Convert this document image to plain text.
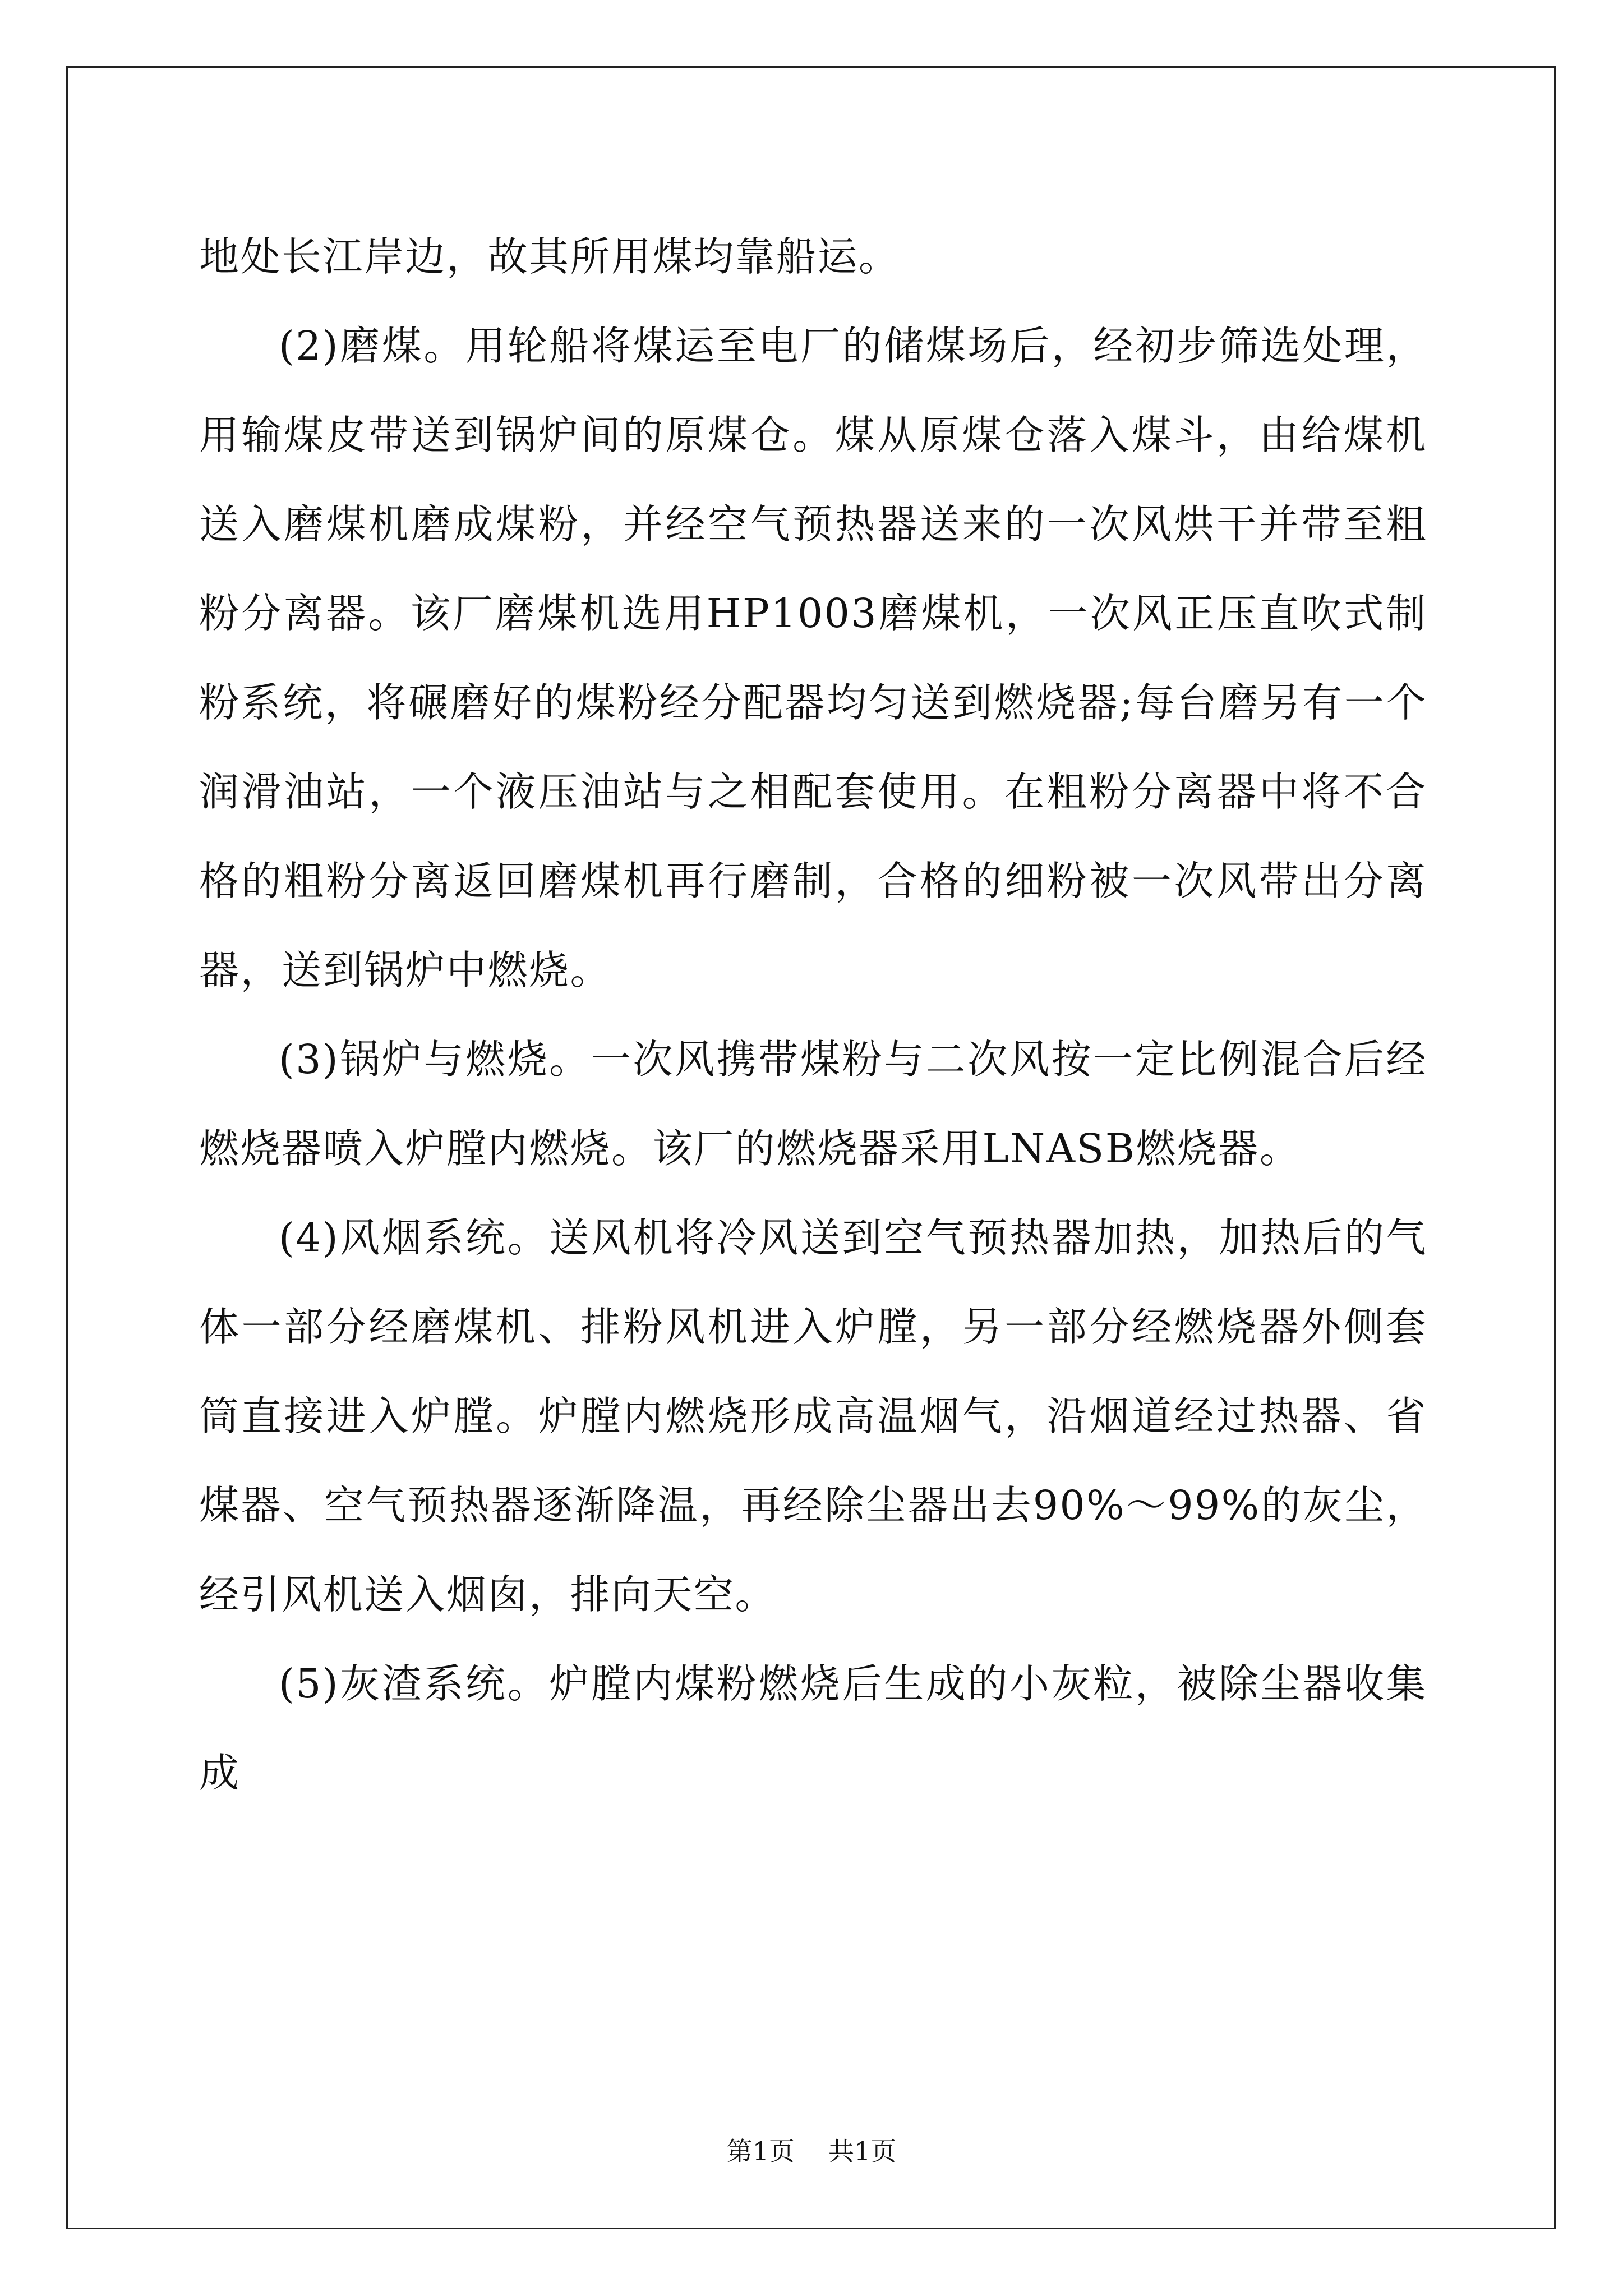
地处长江岸边，故其所用煤均靠船运。

(2)磨煤。用轮船将煤运至电厂的储煤场后，经初步筛选处理，用输煤皮带送到锅炉间的原煤仓。煤从原煤仓落入煤斗，由给煤机送入磨煤机磨成煤粉，并经空气预热器送来的一次风烘干并带至粗粉分离器。该厂磨煤机选用HP1003磨煤机，一次风正压直吹式制粉系统，将碾磨好的煤粉经分配器均匀送到燃烧器;每台磨另有一个润滑油站，一个液压油站与之相配套使用。在粗粉分离器中将不合格的粗粉分离返回磨煤机再行磨制，合格的细粉被一次风带出分离器，送到锅炉中燃烧。

(3)锅炉与燃烧。一次风携带煤粉与二次风按一定比例混合后经燃烧器喷入炉膛内燃烧。该厂的燃烧器采用LNASB燃烧器。

(4)风烟系统。送风机将冷风送到空气预热器加热，加热后的气体一部分经磨煤机、排粉风机进入炉膛，另一部分经燃烧器外侧套筒直接进入炉膛。炉膛内燃烧形成高温烟气，沿烟道经过热器、省煤器、空气预热器逐渐降温，再经除尘器出去90%～99%的灰尘，经引风机送入烟囱，排向天空。

(5)灰渣系统。炉膛内煤粉燃烧后生成的小灰粒，被除尘器收集成

第1页 共1页
